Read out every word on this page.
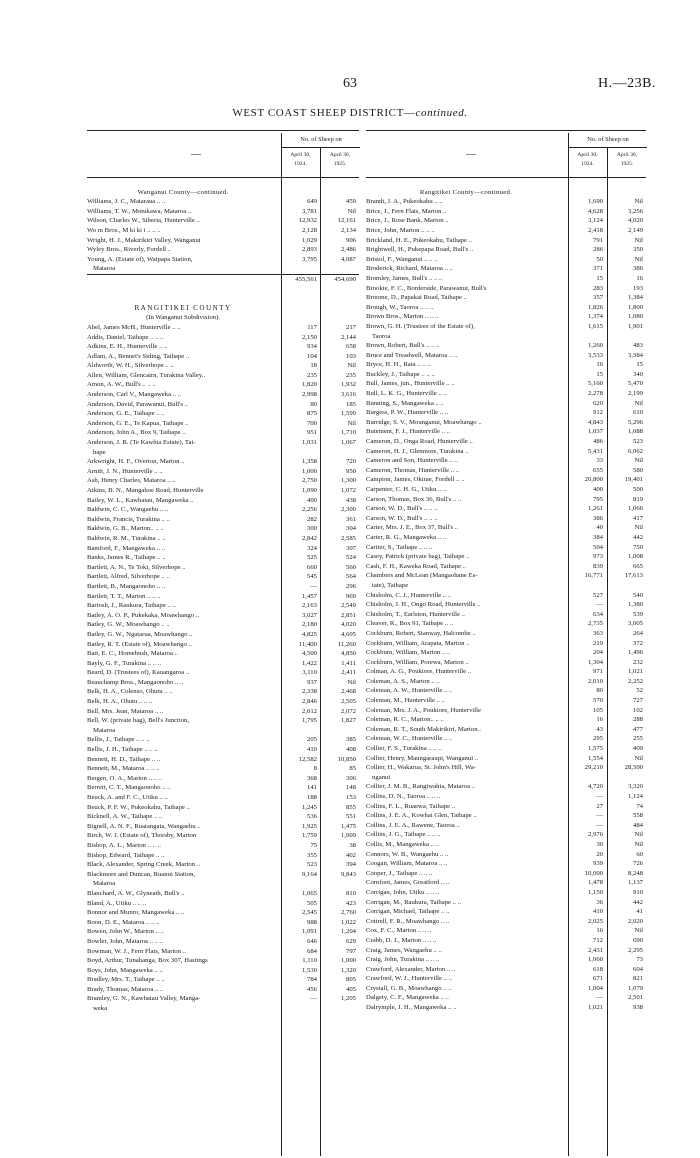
63	H.—23B.
WEST COAST SHEEP DISTRICT—continued.
—
No. of Sheep on
April 30,
1924.
April 30,
1925.
Wanganui County—continued.
Williams, J. C., Mataraua .. ..	649	459
Williams, T. W., Motukawa, Mataroa ..	3,781	Nil
Wilson, Charles W., Siberia, Hunterville ..	12,932	12,161
Wo m Bros., M ki ki i .. .. ..	2,128	2,134
Wright, H. J., Makirikiri Valley, Wanganui	1,029	906
Wyley Bros., Riverly, Fordell ..	2,893	2,486
Young, A. (Estate of), Waipapa Station,	3,795	4,087
Mataroa
455,561	454,690
RANGITIKEI COUNTY
(In Wanganui Subdivision).
Abel, James McH., Hunterville .. ..	117	217
Addis, Daniel, Taihape .. .. ..	2,150	2,144
Adkins, E. H., Hunterville .. ..	934	658
Adlam, A., Bennet's Siding, Taihape ..	104	103
Aldworth, W. H., Silverhope .. ..	18	Nil
Allen, William, Glencairn, Turakina Valley..	235	235
Amon, A. W., Bull's .. .. ..	1,820	1,932
Anderson, Carl V., Mangaweka .. ..	2,998	3,616
Anderson, David, Parawanui, Bull's ..	80	185
Anderson, G. E., Taihape .. ..	875	1,599
Anderson, G. E., Te Kapua, Taihape ..	700	Nil
Anderson, John A., Box 9, Taihape ..	951	1,710
Anderson, J. B. (Te Kawhia Estate), Tai-	1,031	1,067
hape
Arkwright, H. F., Overton, Marton ..	1,358	720
Arnitt, J. N., Hunterville .. ..	1,000	950
Ash, Henry Charles, Mataroa .. ..	2,750	1,300
Atkins, B. N., Mangahoe Road, Hunterville	1,090	1,072
Bailey, W. L., Kawhatau, Mangaweka ..	400	438
Baldwin, C. C., Wangaehu .. ..	2,256	2,300
Baldwin, Francis, Turakina .. ..	282	361
Baldwin, G. B., Marton.. .. ..	300	304
Baldwin, R. M., Turakina .. ..	2,842	2,585
Bamford, F., Mangaweka .. ..	324	307
Banks, James R., Taihape .. ..	525	524
Bartlett, A. N., Te Toki, Silverhope ..	660	560
Bartlett, Alfred, Silverhope .. ..	545	564
Bartlett, B., Mangaonoho .. ..	—	296
Bartlett, T. T., Marton .. .. ..	1,457	969
Bartosh, J., Raukura, Taihape .. ..	2,163	2,549
Batley, A. O. P., Pukekaka, Moawhango ..	3,027	2,851
Batley, G. W., Moawhango .. ..	2,180	4,020
Batley, G. W., Ngatarua, Moawhango ..	4,825	4,605
Batley, R. T. (Estate of), Moawhango ..	11,400	11,260
Batt, E. C., Homebush, Mataroa ..	4,500	4,850
Bayly, G. F., Turakina .. .. ..	1,422	1,411
Beard, D. (Trustees of), Kauangaroa ..	3,110	2,411
Beauchamp Bros., Mangaonoho .. ..	937	Nil
Belk, H. A., Colenso, Ohutu .. ..	2,338	2,468
Belk, H. A., Ohutu .. .. ..	2,846	2,505
Bell, Mrs. Jean, Mataroa .. ..	2,012	2,072
Bell, W. (private bag), Bell's Junction,	1,795	1,827
Mataroa
Bellis, J., Taihape .. .. ..	205	385
Bellis, J. H., Taihape .. .. ..	410	408
Bennett, H. D., Taihape .. ..	12,582	10,850
Bennett, M., Mataroa .. .. ..	8	85
Bergen, O. A., Marton .. .. ..	368	306
Berrett, C. T., Mangaonoho .. ..	141	148
Beuck, A. and F. C., Utiku .. ..	188	153
Beuck, P. F. W., Pukeokahu, Taihape ..	1,245	855
Bicknell, A. W., Taihape .. ..	536	551
Bignell, A. N. F., Ruatangata, Wangaehu ..	1,925	1,475
Birch, W. J. (Estate of), Thorsby, Marton	1,759	1,009
Bishop, A. L., Marton .. .. ..	75	38
Bishop, Edward, Taihape .. ..	355	402
Black, Alexander, Spring Creek, Marton ..	523	394
Blackmore and Duncan, Ruanui Station,	9,164	9,843
Mataroa
Blanchard, A. W., Glyneath, Bull's ..	1,065	810
Bland, A., Utiku .. .. ..	505	423
Bonnor and Munro, Mangaweka .. ..	2,545	2,760
Boon, D. E., Mataroa .. .. ..	988	1,022
Bowen, John W., Marton .. ..	1,091	1,204
Bowler, John, Mataroa .. .. ..	646	629
Bowman, W. J., Fern Flats, Marton ..	684	797
Boyd, Arthur, Tunahanga, Box 307, Hastings	1,110	1,000
Boys, John, Mangaweka .. ..	1,530	1,320
Bradley, Mrs. T., Taihape .. ..	784	805
Brady, Thomas, Mataroa .. ..	456	405
Bramley, G. N., Kawhatau Valley, Manga-	—	1,205
weka
—
No. of Sheep on
April 30,
1924.
April 30,
1925.
Rangitikei County—continued.
Brandt, J. A., Pukeokahu .. ..	1,690	Nil
Brice, J., Fern Flats, Marton ..	4,628	3,256
Brice, J., Rose Bank, Marton ..	3,124	4,020
Brice, John, Marton .. .. ..	2,418	2,149
Brickland, H. E., Pukeokahu, Taihape ..	791	Nil
Brightwell, H., Pukepapa Road, Bull's ..	286	350
Bristol, F., Wanganui .. .. ..	50	Nil
Broderick, Richard, Mataroa .. ..	371	386
Bromley, James, Bull's .. .. ..	15	16
Brookie, F. C., Borderside, Parawanui, Bull's	283	193
Broome, D., Papakai Road, Taihape ..	357	1,384
Brough, W., Taoroa .. .. ..	1,826	1,800
Brown Bros., Marton .. .. ..	1,374	1,080
Brown, G. H. (Trustees of the Estate of),	1,615	1,901
Taoroa
Brown, Robert, Bull's .. .. ..	1,260	483
Bruce and Treadwell, Mataroa .. ..	3,533	3,384
Bryce, H. H., Rata .. .. ..	16	15
Buckley, J., Taihape .. .. ..	15	340
Bull, James, jun., Hunterville .. ..	5,160	5,470
Bull, L. K. G., Hunterville .. ..	2,278	2,199
Bunning, S., Mangaweka .. ..	620	Nil
Burgess, P. W., Hunterville .. ..	912	610
Burridge, S. V., Mounganui, Moawhango ..	4,843	5,296
Butement, F. J., Hunterville .. ..	1,037	1,088
Cameron, D., Onga Road, Hunterville ..	486	523
Cameron, H. J., Glenmore, Turakina ..	5,431	6,062
Cameron and Son, Hunterville .. ..	33	Nil
Cameron, Thomas, Hunterville .. ..	655	580
Campion, James, Okirae, Fordell .. ..	20,800	19,401
Carpenter, C. H. G., Utiku .. ..	400	500
Carson, Thomas, Box 36, Bull's .. ..	795	819
Carson, W. D., Bull's .. .. ..	1,261	1,066
Carson, W. D., Bull's .. .. ..	386	417
Carter, Mrs. J. E., Box 37, Bull's ..	40	Nil
Carter, R. G., Mangaweka .. ..	384	442
Cartier, S., Taihape .. .. ..	504	750
Casey, Patrick (private bag), Taihape ..	973	1,008
Cash, F. H., Kaweka Road, Taihape ..	839	665
Chambers and McLean (Mangaohane Es-	16,771	17,613
tate), Taihape
Chisholm, C. J., Hunterville .. ..	527	540
Chisholm, J. H., Ongo Road, Hunterville ..	—	1,380
Chisholm, T., Earlston, Hunterville ..	634	539
Cleaver, R., Box 91, Taihape .. ..	2,735	3,005
Cockburn, Robert, Stanway, Halcombe ..	363	264
Cockburn, William, Arapata, Marton ..	219	372
Cockburn, William, Marton .. ..	204	1,496
Cockburn, William, Porewa, Marton ..	1,304	232
Colman, A. G., Poukiore, Hunterville ..	971	1,021
Coleman, A. S., Marton .. ..	2,010	2,252
Coleman, A. W., Hunterville .. ..	80	52
Coleman, M., Hunterville .. ..	570	727
Coleman, Mrs. J. A., Poukiore, Hunterville	105	102
Coleman, R. C., Marton.. .. ..	16	288
Coleman, R. T., South Makirikiri, Marton..	43	477
Coleman, W. C., Hunterville .. ..	295	255
Collier, F. S., Turakina .. .. ..	1,575	409
Collier, Henry, Maungaraupi, Wanganui ..	1,554	Nil
Collier, H., Wakarua, St. John's Hill, Wa-	29,210	28,500
nganui
Collier, J. M. B., Rangiwahia, Mataroa ..	4,720	3,320
Collins, D. N., Taoroa .. .. ..	—	1,124
Collins, F. L., Ruaewa, Taihape ..	27	74
Collins, J. E. A., Kowhai Glen, Taihape ..	—	558
Collins, J. E. A., Rawene, Taoroa ..	—	484
Collins, J. G., Taihape .. .. ..	2,976	Nil
Collis, M., Mangaweka .. ..	30	Nil
Connors, W. B., Wangaehu .. ..	20	60
Coogan, William, Mataroa .. ..	939	726
Cooper, J., Taihape .. .. ..	10,000	8,248
Cornfoot, James, Greatford .. ..	1,478	1,137
Corrigan, John, Utiku .. .. ..	1,150	910
Corrigan, M., Raukura, Taihape .. ..	36	442
Corrigan, Michael, Taihape .. ..	410	41
Cottrell, F. R., Moawhango .. ..	2,025	2,020
Cox, F. C., Marton .. .. ..	16	Nil
Crabb, D. J., Marton .. .. ..	712	690
Craig, James, Wangaehu .. ..	2,431	2,295
Craig, John, Turakina .. .. ..	1,060	73
Crawford, Alexander, Marton .. ..	618	604
Crawford, W. J., Hunterville .. ..	671	821
Crystall, G. B., Moawhango .. ..	1,004	1,079
Dalgety, C. F., Mangaweka .. ..	—	2,501
Dalrymple, J. H., Mangaweka .. ..	1,021	938
